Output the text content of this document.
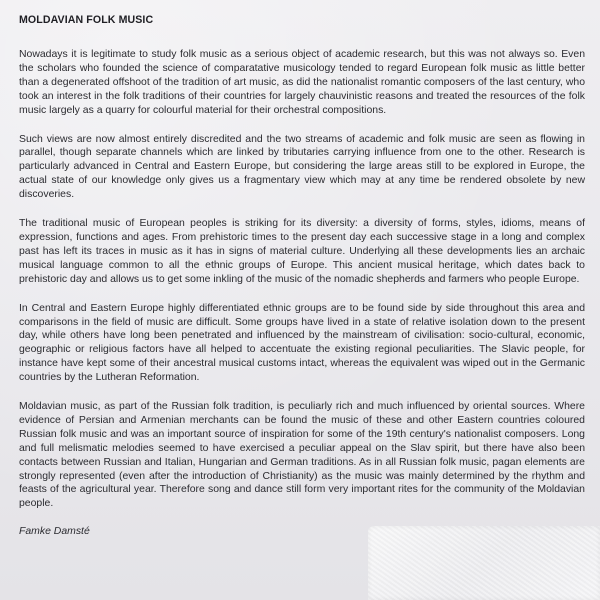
MOLDAVIAN FOLK MUSIC

Nowadays it is legitimate to study folk music as a serious object of academic research, but this was not always so. Even the scholars who founded the science of comparatative musicology tended to regard European folk music as little better than a degenerated offshoot of the tradition of art music, as did the nationalist romantic composers of the last century, who took an interest in the folk traditions of their countries for largely chauvinistic reasons and treated the resources of the folk music largely as a quarry for colourful material for their orchestral compositions.

Such views are now almost entirely discredited and the two streams of academic and folk music are seen as flowing in parallel, though separate channels which are linked by tributaries carrying influence from one to the other. Research is particularly advanced in Central and Eastern Europe, but considering the large areas still to be explored in Europe, the actual state of our knowledge only gives us a fragmentary view which may at any time be rendered obsolete by new discoveries.

The traditional music of European peoples is striking for its diversity: a diversity of forms, styles, idioms, means of expression, functions and ages. From prehistoric times to the present day each successive stage in a long and complex past has left its traces in music as it has in signs of material culture. Underlying all these developments lies an archaic musical language common to all the ethnic groups of Europe. This ancient musical heritage, which dates back to prehistoric day and allows us to get some inkling of the music of the nomadic shepherds and farmers who people Europe.

In Central and Eastern Europe highly differentiated ethnic groups are to be found side by side throughout this area and comparisons in the field of music are difficult. Some groups have lived in a state of relative isolation down to the present day, while others have long been penetrated and influenced by the mainstream of civilisation: socio-cultural, economic, geographic or religious factors have all helped to accentuate the existing regional peculiarities. The Slavic people, for instance have kept some of their ancestral musical customs intact, whereas the equivalent was wiped out in the Germanic countries by the Lutheran Reformation.

Moldavian music, as part of the Russian folk tradition, is peculiarly rich and much influenced by oriental sources. Where evidence of Persian and Armenian merchants can be found the music of these and other Eastern countries coloured Russian folk music and was an important source of inspiration for some of the 19th century's nationalist composers. Long and full melismatic melodies seemed to have exercised a peculiar appeal on the Slav spirit, but there have also been contacts between Russian and Italian, Hungarian and German traditions. As in all Russian folk music, pagan elements are strongly represented (even after the introduction of Christianity) as the music was mainly determined by the rhythm and feasts of the agricultural year. Therefore song and dance still form very important rites for the community of the Moldavian people.

Famke Damsté
